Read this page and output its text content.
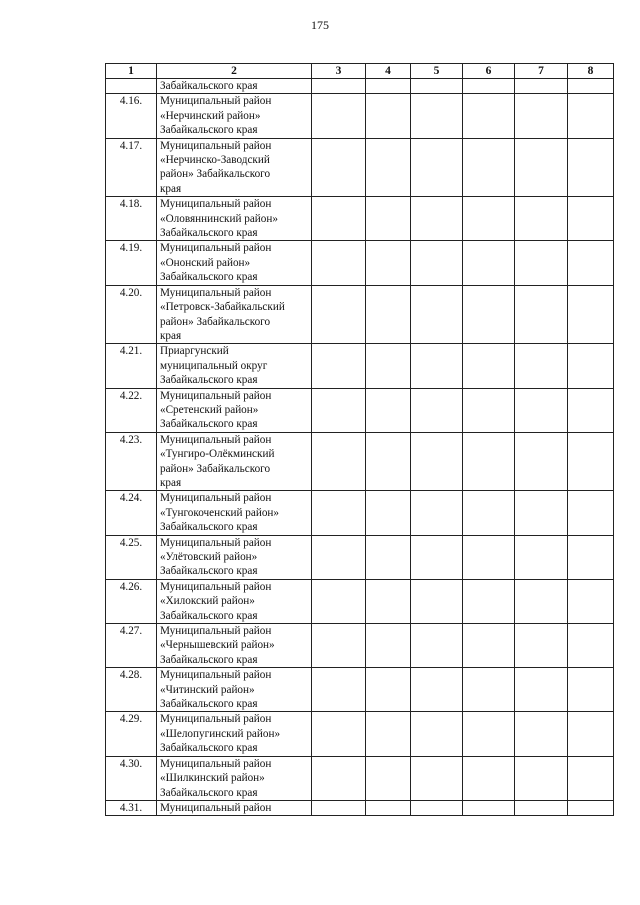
175
1	2	3	4	5	6	7	8

	Забайкальского края						

4.16.	Муниципальный район
«Нерчинский район»
Забайкальского края						

4.17.	Муниципальный район
«Нерчинско-Заводский
район» Забайкальского
края						

4.18.	Муниципальный район
«Оловяннинский район»
Забайкальского края						

4.19.	Муниципальный район
«Ононский район»
Забайкальского края						

4.20.	Муниципальный район
«Петровск-Забайкальский
район» Забайкальского
края						

4.21.	Приаргунский
муниципальный округ
Забайкальского края						

4.22.	Муниципальный район
«Сретенский район»
Забайкальского края						

4.23.	Муниципальный район
«Тунгиро-Олёкминский
район» Забайкальского
края						

4.24.	Муниципальный район
«Тунгокоченский район»
Забайкальского края						

4.25.	Муниципальный район
«Улётовский район»
Забайкальского края						

4.26.	Муниципальный район
«Хилокский район»
Забайкальского края						

4.27.	Муниципальный район
«Чернышевский район»
Забайкальского края						

4.28.	Муниципальный район
«Читинский район»
Забайкальского края						

4.29.	Муниципальный район
«Шелопугинский район»
Забайкальского края						

4.30.	Муниципальный район
«Шилкинский район»
Забайкальского края						

4.31.	Муниципальный район						
